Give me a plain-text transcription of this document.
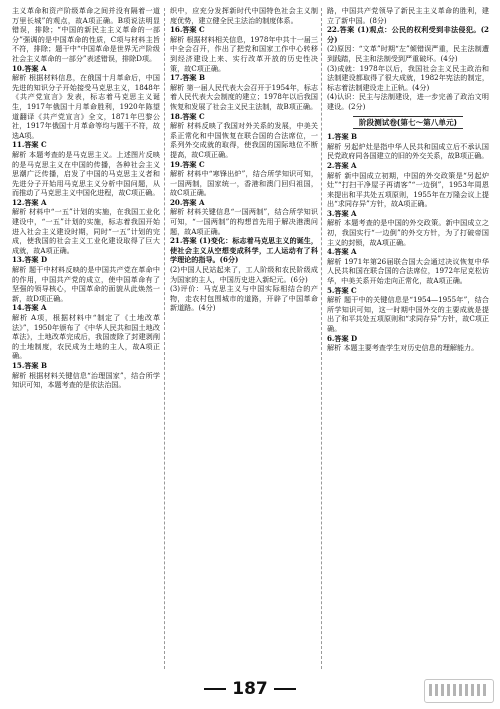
主义革命和资产阶级革命之间并没有隔着一道万里长城”的观点，故A项正确。B项说法明显错误，排除；“中国的新民主主义革命的一部分”强调的是中国革命的性质，C项与材料主旨不符，排除；题干中“中国革命是世界无产阶级社会主义革命的一部分”表述错误，排除D项。

10.答案 A

解析 根据材料信息，在俄国十月革命后，中国先进的知识分子开始接受马克思主义，1848年《共产党宣言》发表，标志着马克思主义诞生，1917年俄国十月革命胜利，1920年陈望道翻译《共产党宣言》全文，1871年巴黎公社，1917年俄国十月革命等均与题干不符，故选A项。

11.答案 C

解析 本题考查的是马克思主义。上述图片反映的是马克思主义在中国的传播，各种社会主义思潮广泛传播，启发了中国的马克思主义者和先进分子开始用马克思主义分析中国问题，从而推动了马克思主义中国化进程，故C项正确。

12.答案 A

解析 材料中“一五”计划的实施，在我国工业化建设中，“一五”计划的实施，标志着我国开始进入社会主义建设时期，同时“一五”计划的完成，使我国的社会主义工业化建设取得了巨大成就，故A项正确。

13.答案 D

解析 题干中材料反映的是中国共产党在革命中的作用，中国共产党的成立，使中国革命有了坚强的领导核心，中国革命的面貌从此焕然一新，故D项正确。

14.答案 A

解析 A项，根据材料中“制定了《土地改革法》”，1950年颁布了《中华人民共和国土地改革法》，土地改革完成后，我国废除了封建剥削的土地制度，农民成为土地的主人，故A项正确。

15.答案 B

解析 根据材料关键信息“治理国家”，结合所学知识可知，本题考查的是依法治国。

织中，应充分发挥新时代中国特色社会主义制度优势，建立健全民主法治的制度体系。

16.答案 C

解析 根据材料相关信息，1978年中共十一届三中全会召开，作出了把党和国家工作中心转移到经济建设上来、实行改革开放的历史性决策，故C项正确。

17.答案 B

解析 第一届人民代表大会召开于1954年，标志着人民代表大会制度的建立；1978年以后我国恢复和发展了社会主义民主法制，故B项正确。

18.答案 C

解析 材料反映了我国对外关系的发展，中美关系正常化和中国恢复在联合国的合法席位，一系列外交成就的取得，使我国的国际地位不断提高，故C项正确。

19.答案 C

解析 材料中“寒锋出炉”，结合所学知识可知，一国两制，国家统一，香港和澳门回归祖国，故C项正确。

20.答案 A

解析 材料关键信息“一国两制”，结合所学知识可知，“一国两制”的构想首先用于解决港澳问题，故A项正确。

21.答案 (1)变化：标志着马克思主义的诞生，使社会主义从空想变成科学，工人运动有了科学理论的指导。(6分)

(2)中国人民站起来了，工人阶级和农民阶级成为国家的主人，中国历史进入新纪元。(6分)

(3)评价：马克思主义与中国实际相结合的产物，走农村包围城市的道路，开辟了中国革命新道路。(4分)

路，中国共产党领导了新民主主义革命的胜利，建立了新中国。(8分)

22.答案 (1)观点：公民的权利受到非法侵犯。(2分)

(2)原因：“文革”时期“左”倾错误严重，民主法制遭到践踏，民主和法制受到严重破坏。(4分)

(3)成就：1978年以后，我国社会主义民主政治和法制建设都取得了很大成就，1982年宪法的制定，标志着法制建设走上正轨。(4分)

(4)认识：民主与法制建设，进一步完善了政治文明建设。(2分)

阶段测试卷(第七～第八单元)

1.答案 B

解析 另起炉灶是指中华人民共和国成立后不承认国民党政府同各国建立的旧的外交关系，故B项正确。

2.答案 A

解析 新中国成立初期，中国的外交政策是“另起炉灶”“打扫干净屋子再请客”“一边倒”，1953年周恩来提出和平共处五项原则，1955年在万隆会议上提出“求同存异”方针，故A项正确。

3.答案 A

解析 本题考查的是中国的外交政策。新中国成立之初，我国实行“一边倒”的外交方针，为了打破帝国主义的封锁，故A项正确。

4.答案 A

解析 1971年第26届联合国大会通过决议恢复中华人民共和国在联合国的合法席位，1972年尼克松访华，中美关系开始走向正常化，故A项正确。

5.答案 C

解析 题干中的关键信息是“1954—1955年”，结合所学知识可知，这一时期中国外交的主要成就是提出了和平共处五项原则和“求同存异”方针，故C项正确。

6.答案 D

解析 本题主要考查学生对历史信息的理解能力。

187
